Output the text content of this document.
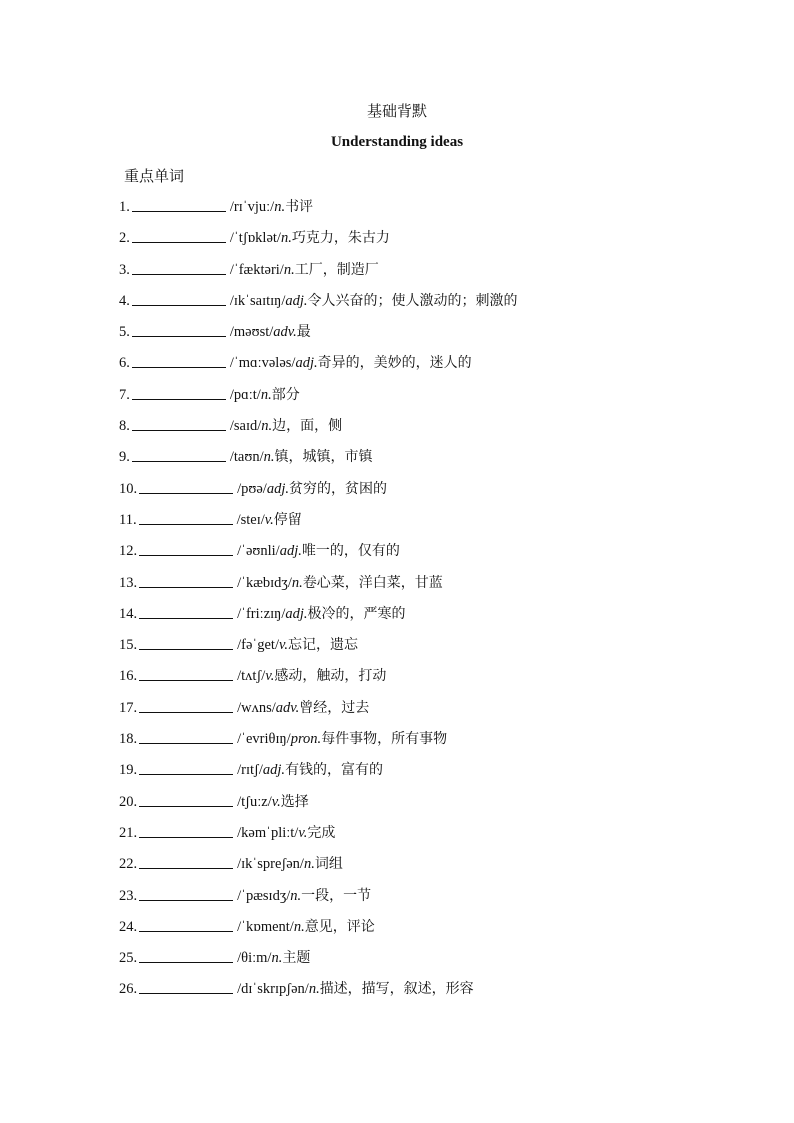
基础背默
Understanding ideas
重点单词
1.	/rɪˈvjuː/ n. 书评
2.	/ˈtʃɒklət/ n. 巧克力，朱古力
3.	/ˈfæktəri/ n. 工厂，制造厂
4.	/ɪkˈsaɪtɪŋ/ adj. 令人兴奋的；使人激动的；刺激的
5.	/məʊst/ adv. 最
6.	/ˈmɑːvələs/ adj. 奇异的，美妙的，迷人的
7.	/pɑːt/ n. 部分
8.	/saɪd/ n. 边，面，侧
9.	/taʊn/ n. 镇，城镇，市镇
10.	/pʊə/ adj. 贫穷的，贫困的
11.	/steɪ/ v. 停留
12.	/ˈəʊnli/ adj. 唯一的，仅有的
13.	/ˈkæbɪdʒ/ n. 卷心菜，洋白菜，甘蓝
14.	/ˈfriːzɪŋ/ adj. 极冷的，严寒的
15.	/fəˈget/ v. 忘记，遗忘
16.	/tʌtʃ/ v. 感动，触动，打动
17.	/wʌns/ adv. 曾经，过去
18.	/ˈevriθɪŋ/ pron. 每件事物，所有事物
19.	/rɪtʃ/ adj. 有钱的，富有的
20.	/tʃuːz/ v. 选择
21.	/kəmˈpliːt/ v. 完成
22.	/ɪkˈspreʃən/ n. 词组
23.	/ˈpæsɪdʒ/ n. 一段，一节
24.	/ˈkɒment/ n. 意见，评论
25.	/θiːm/ n. 主题
26.	/dɪˈskrɪpʃən/ n. 描述，描写，叙述，形容
